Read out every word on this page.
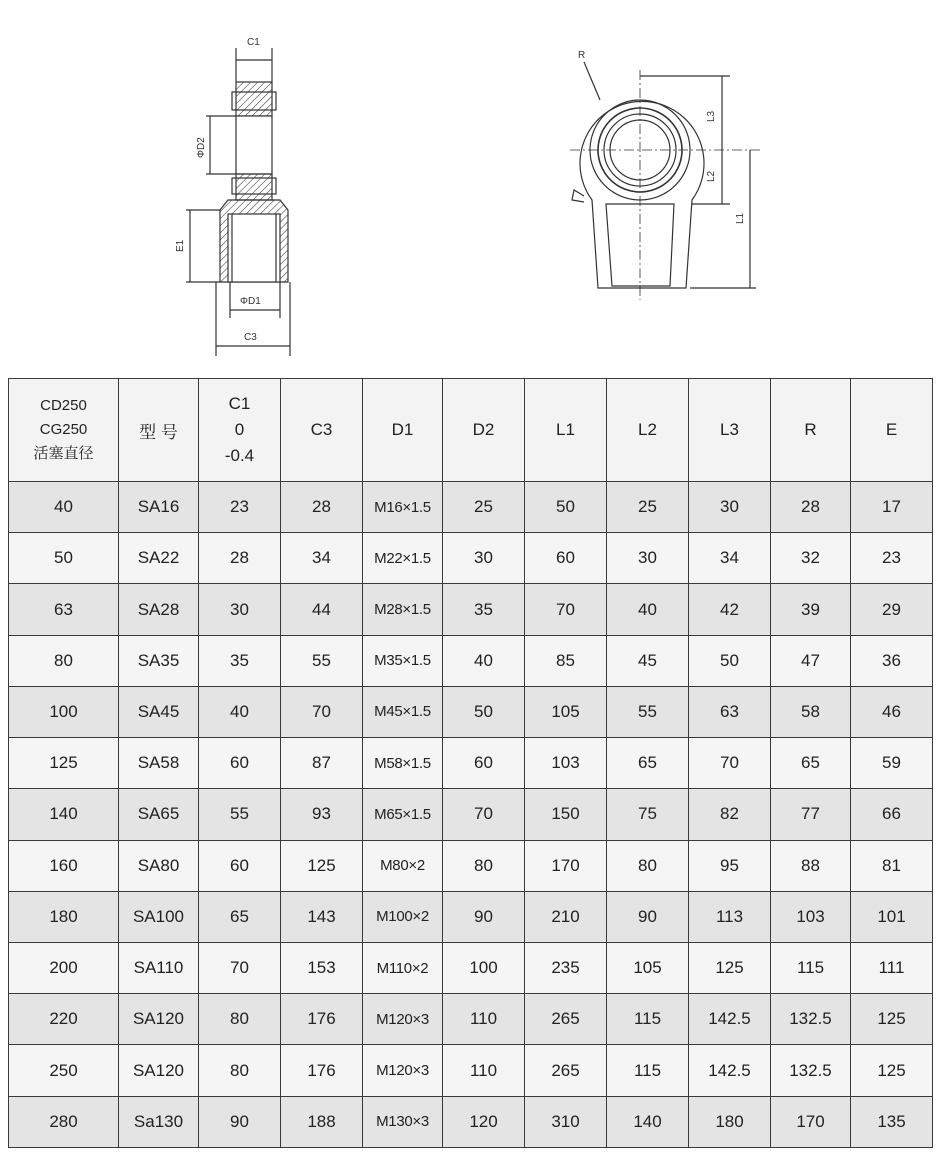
C1
ΦD2
E1
ΦD1
C3
R
L3
L2
L1
CD250
CG250
活塞直径	型 号	C1
0
-0.4	C3	D1	D2	L1	L2	L3	R	E

40	SA16	23	28	M16×1.5	25	50	25	30	28	17
50	SA22	28	34	M22×1.5	30	60	30	34	32	23
63	SA28	30	44	M28×1.5	35	70	40	42	39	29
80	SA35	35	55	M35×1.5	40	85	45	50	47	36
100	SA45	40	70	M45×1.5	50	105	55	63	58	46
125	SA58	60	87	M58×1.5	60	103	65	70	65	59
140	SA65	55	93	M65×1.5	70	150	75	82	77	66
160	SA80	60	125	M80×2	80	170	80	95	88	81
180	SA100	65	143	M100×2	90	210	90	113	103	101
200	SA110	70	153	M110×2	100	235	105	125	115	111
220	SA120	80	176	M120×3	110	265	115	142.5	132.5	125
250	SA120	80	176	M120×3	110	265	115	142.5	132.5	125
280	Sa130	90	188	M130×3	120	310	140	180	170	135
